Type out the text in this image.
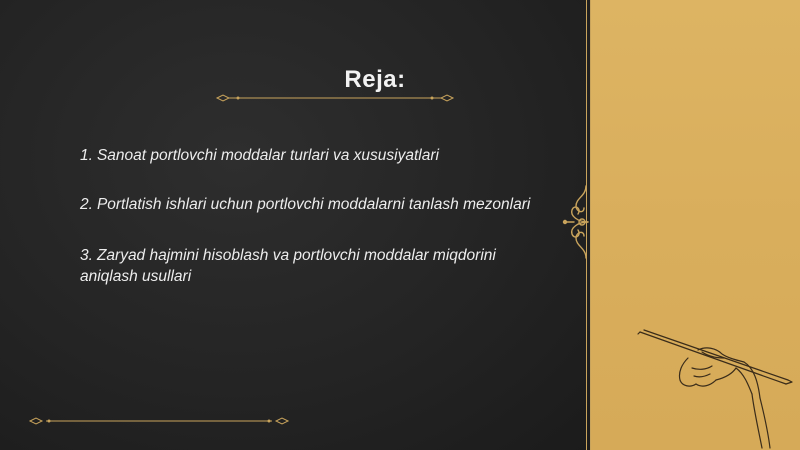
Reja:
1. Sanoat portlovchi moddalar turlari va xususiyatlari
2. Portlatish ishlari uchun portlovchi moddalarni tanlash mezonlari
3. Zaryad hajmini hisoblash va portlovchi moddalar miqdorini aniqlash usullari
